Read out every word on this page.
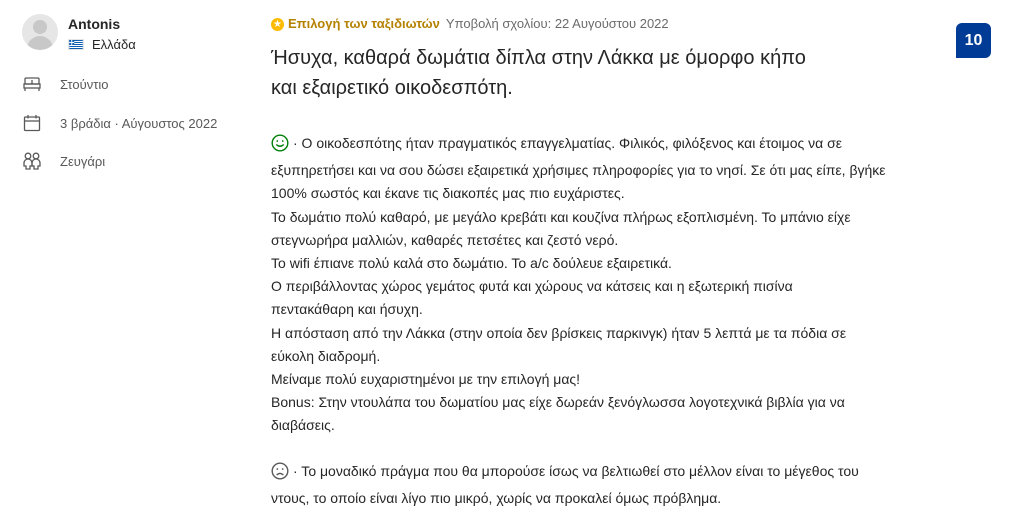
Antonis
Ελλάδα
Στούντιο
3 βράδια · Αύγουστος 2022
Ζευγάρι
★ Επιλογή των ταξιδιωτών Υποβολή σχολίου: 22 Αυγούστου 2022
Ήσυχα, καθαρά δωμάτια δίπλα στην Λάκκα με όμορφο κήπο
και εξαιρετικό οικοδεσπότη.
· Ο οικοδεσπότης ήταν πραγματικός επαγγελματίας. Φιλικός, φιλόξενος και έτοιμος να σε
εξυπηρετήσει και να σου δώσει εξαιρετικά χρήσιμες πληροφορίες για το νησί. Σε ότι μας είπε, βγήκε
100% σωστός και έκανε τις διακοπές μας πιο ευχάριστες.
Το δωμάτιο πολύ καθαρό, με μεγάλο κρεβάτι και κουζίνα πλήρως εξοπλισμένη. Το μπάνιο είχε
στεγνωρήρα μαλλιών, καθαρές πετσέτες και ζεστό νερό.
Το wifi έπιανε πολύ καλά στο δωμάτιο. Το a/c δούλευε εξαιρετικά.
Ο περιβάλλοντας χώρος γεμάτος φυτά και χώρους να κάτσεις και η εξωτερική πισίνα
πεντακάθαρη και ήσυχη.
Η απόσταση από την Λάκκα (στην οποία δεν βρίσκεις παρκινγκ) ήταν 5 λεπτά με τα πόδια σε
εύκολη διαδρομή.
Μείναμε πολύ ευχαριστημένοι με την επιλογή μας!
Bonus: Στην ντουλάπα του δωματίου μας είχε δωρεάν ξενόγλωσσα λογοτεχνικά βιβλία για να
διαβάσεις.
· Το μοναδικό πράγμα που θα μπορούσε ίσως να βελτιωθεί στο μέλλον είναι το μέγεθος του
ντους, το οποίο είναι λίγο πιο μικρό, χωρίς να προκαλεί όμως πρόβλημα.
10
